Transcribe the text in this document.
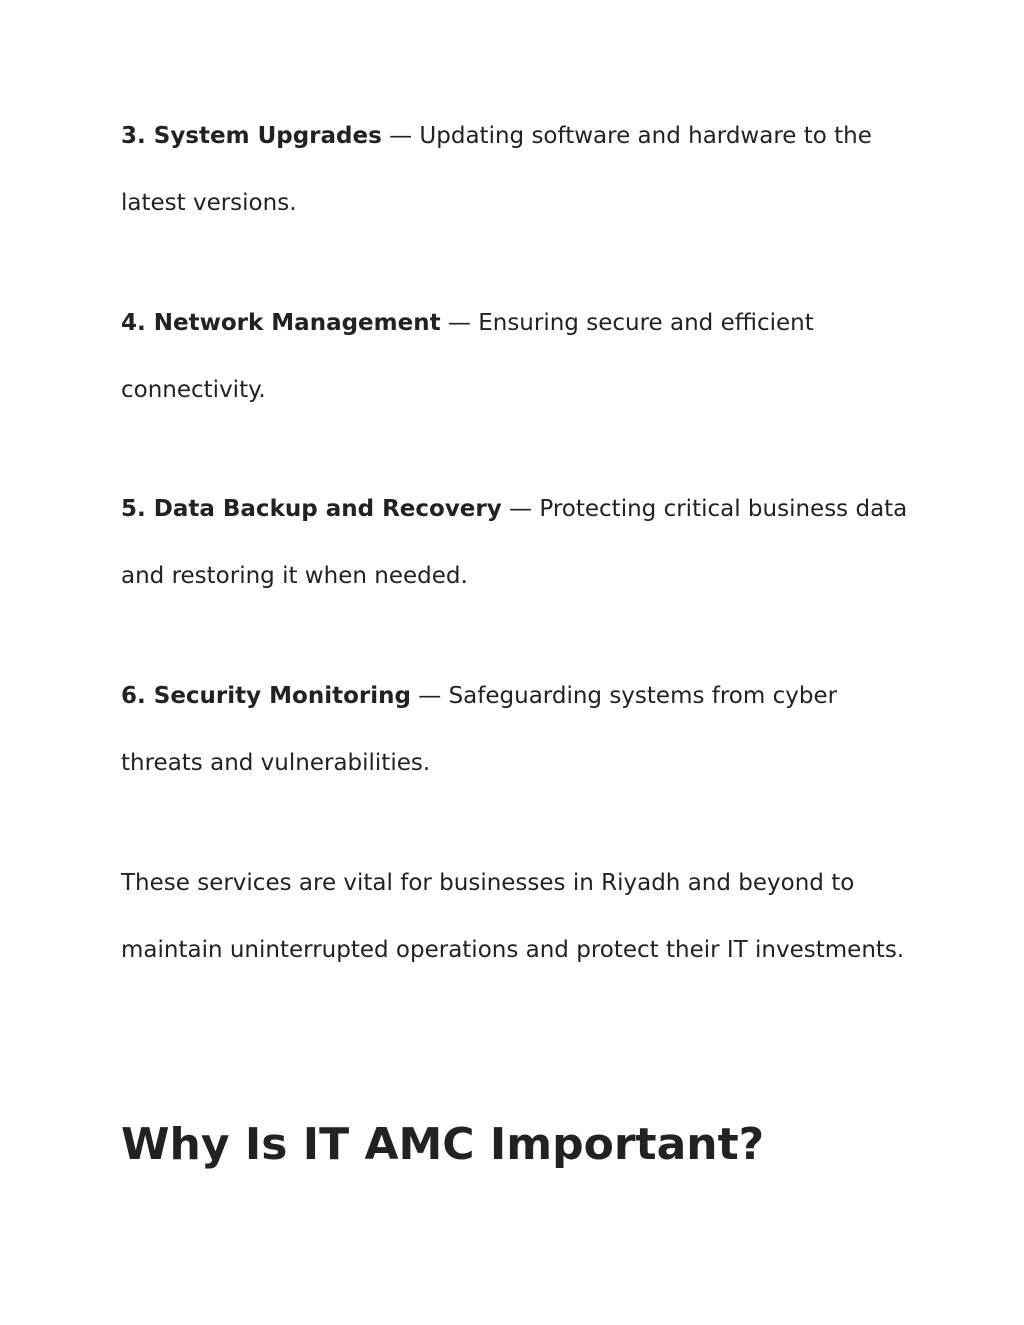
3. System Upgrades — Updating software and hardware to the latest versions.

4. Network Management — Ensuring secure and efficient connectivity.

5. Data Backup and Recovery — Protecting critical business data and restoring it when needed.

6. Security Monitoring — Safeguarding systems from cyber threats and vulnerabilities.

These services are vital for businesses in Riyadh and beyond to maintain uninterrupted operations and protect their IT investments.

Why Is IT AMC Important?
